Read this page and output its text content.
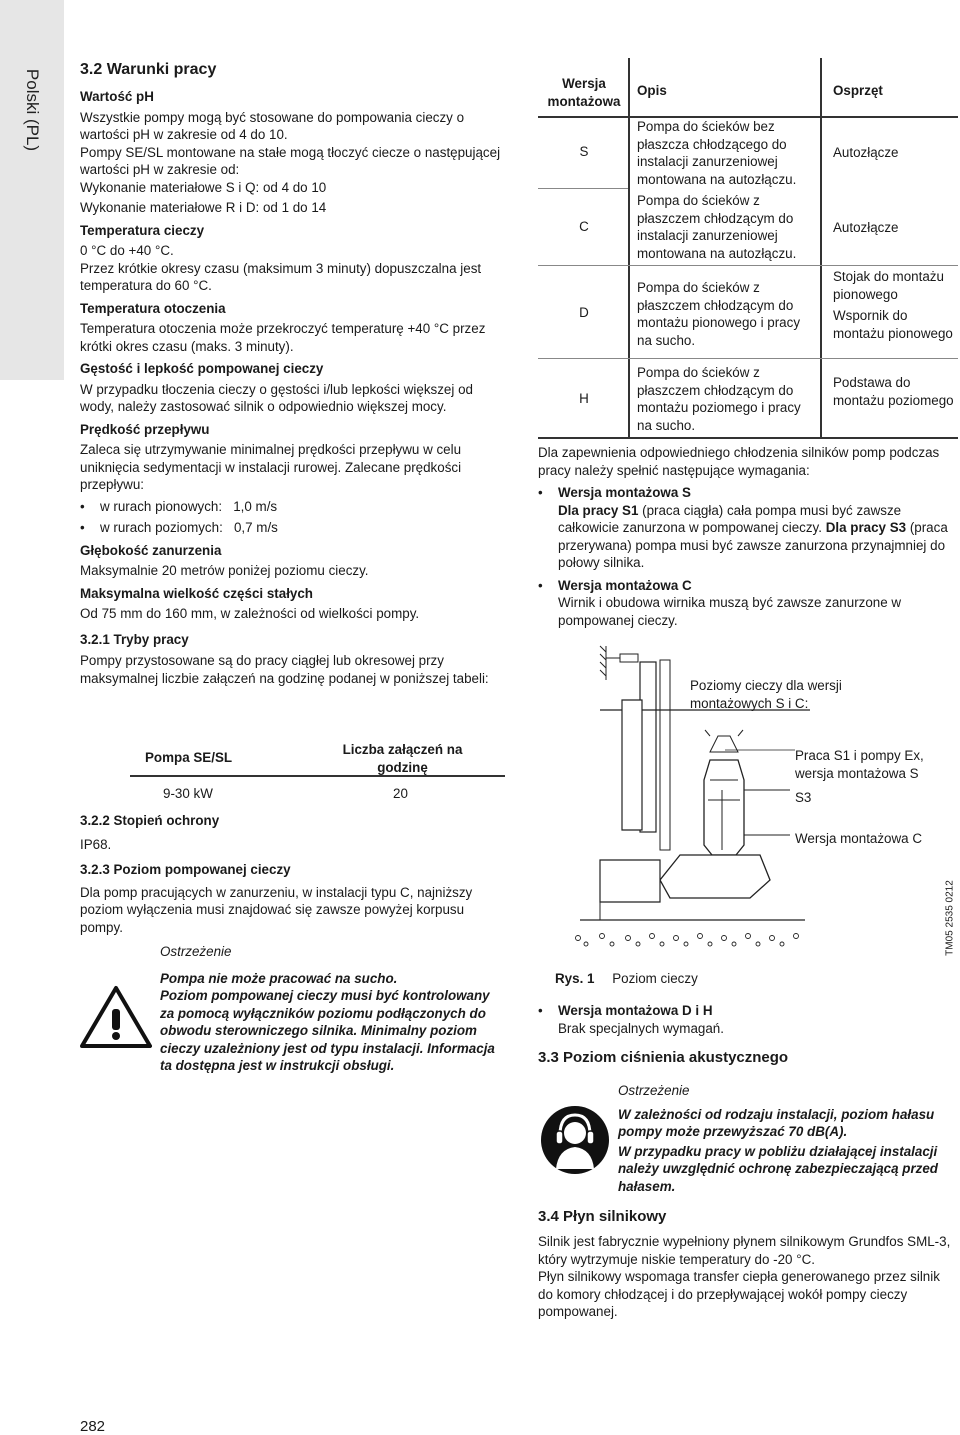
Polski (PL) 3.2 Warunki pracy
Wartość pH

Wszystkie pompy mogą być stosowane do pompowania cieczy o wartości pH w zakresie od 4 do 10.

Pompy SE/SL montowane na stałe mogą tłoczyć ciecze o następującej wartości pH w zakresie od:

Wykonanie materiałowe S i Q: od 4 do 10

Wykonanie materiałowe R i D: od 1 do 14

Temperatura cieczy

0 °C do +40 °C.

Przez krótkie okresy czasu (maksimum 3 minuty) dopuszczalna jest temperatura do 60 °C.

Temperatura otoczenia

Temperatura otoczenia może przekroczyć temperaturę +40 °C przez krótki okres czasu (maks. 3 minuty).

Gęstość i lepkość pompowanej cieczy

W przypadku tłoczenia cieczy o gęstości i/lub lepkości większej od wody, należy zastosować silnik o odpowiednio większej mocy.

Prędkość przepływu

Zaleca się utrzymywanie minimalnej prędkości przepływu w celu uniknięcia sedymentacji w instalacji rurowej. Zalecane prędkości przepływu:

• w rurach pionowych:   1,0 m/s
• w rurach poziomych:   0,7 m/s
Głębokość zanurzenia

Maksymalnie 20 metrów poniżej poziomu cieczy.

Maksymalna wielkość części stałych

Od 75 mm do 160 mm, w zależności od wielkości pompy.

3.2.1 Tryby pracy

Pompy przystosowane są do pracy ciągłej lub okresowej przy maksymalnej liczbie załączeń na godzinę podanej w poniższej tabeli:

Pompa SE/SL
Liczba załączeń na godzinę
9-30 kW	20
3.2.2 Stopień ochrony

IP68.

3.2.3 Poziom pompowanej cieczy

Dla pomp pracujących w zanurzeniu, w instalacji typu C, najniższy poziom wyłączenia musi znajdować się zawsze powyżej korpusu pompy.

Ostrzeżenie

Pompa nie może pracować na sucho.

Poziom pompowanej cieczy musi być kontrolowany za pomocą wyłączników poziomu podłączonych do obwodu sterowniczego silnika. Minimalny poziom cieczy uzależniony jest od typu instalacji. Informacja ta dostępna jest w instrukcji obsługi.

Wersja montażowa
Opis	Osprzęt
S
Pompa do ścieków bez płaszcza chłodzącego do instalacji zanurzeniowej montowana na autozłączu.
Autozłącze
C
Pompa do ścieków z płaszczem chłodzącym do instalacji zanurzeniowej montowana na autozłączu.
Autozłącze
D
Pompa do ścieków z płaszczem chłodzącym do montażu pionowego i pracy na sucho.
Stojak do montażu pionowego
Wspornik do montażu pionowego
H
Pompa do ścieków z płaszczem chłodzącym do montażu poziomego i pracy na sucho.
Podstawa do montażu poziomego

Dla zapewnienia odpowiedniego chłodzenia silników pomp podczas pracy należy spełnić następujące wymagania:

• Wersja montażowa S
Dla pracy S1 (praca ciągła) cała pompa musi być zawsze całkowicie zanurzona w pompowanej cieczy. Dla pracy S3 (praca przerywana) pompa musi być zawsze zanurzona przynajmniej do połowy silnika.
• Wersja montażowa C
Wirnik i obudowa wirnika muszą być zawsze zanurzone w pompowanej cieczy.
Poziomy cieczy dla wersji montażowych S i C:
Praca S1 i pompy Ex, wersja montażowa S
S3
Wersja montażowa C
TM05 2535 0212
Rys. 1 Poziom cieczy
• Wersja montażowa D i H
Brak specjalnych wymagań.
3.3 Poziom ciśnienia akustycznego

Ostrzeżenie

W zależności od rodzaju instalacji, poziom hałasu pompy może przewyższać 70 dB(A).

W przypadku pracy w pobliżu działającej instalacji należy uwzględnić ochronę zabezpieczającą przed hałasem.

3.4 Płyn silnikowy

Silnik jest fabrycznie wypełniony płynem silnikowym Grundfos SML-3, który wytrzymuje niskie temperatury do -20 °C.

Płyn silnikowy wspomaga transfer ciepła generowanego przez silnik do komory chłodzącej i do przepływającej wokół pompy cieczy pompowanej.

282
